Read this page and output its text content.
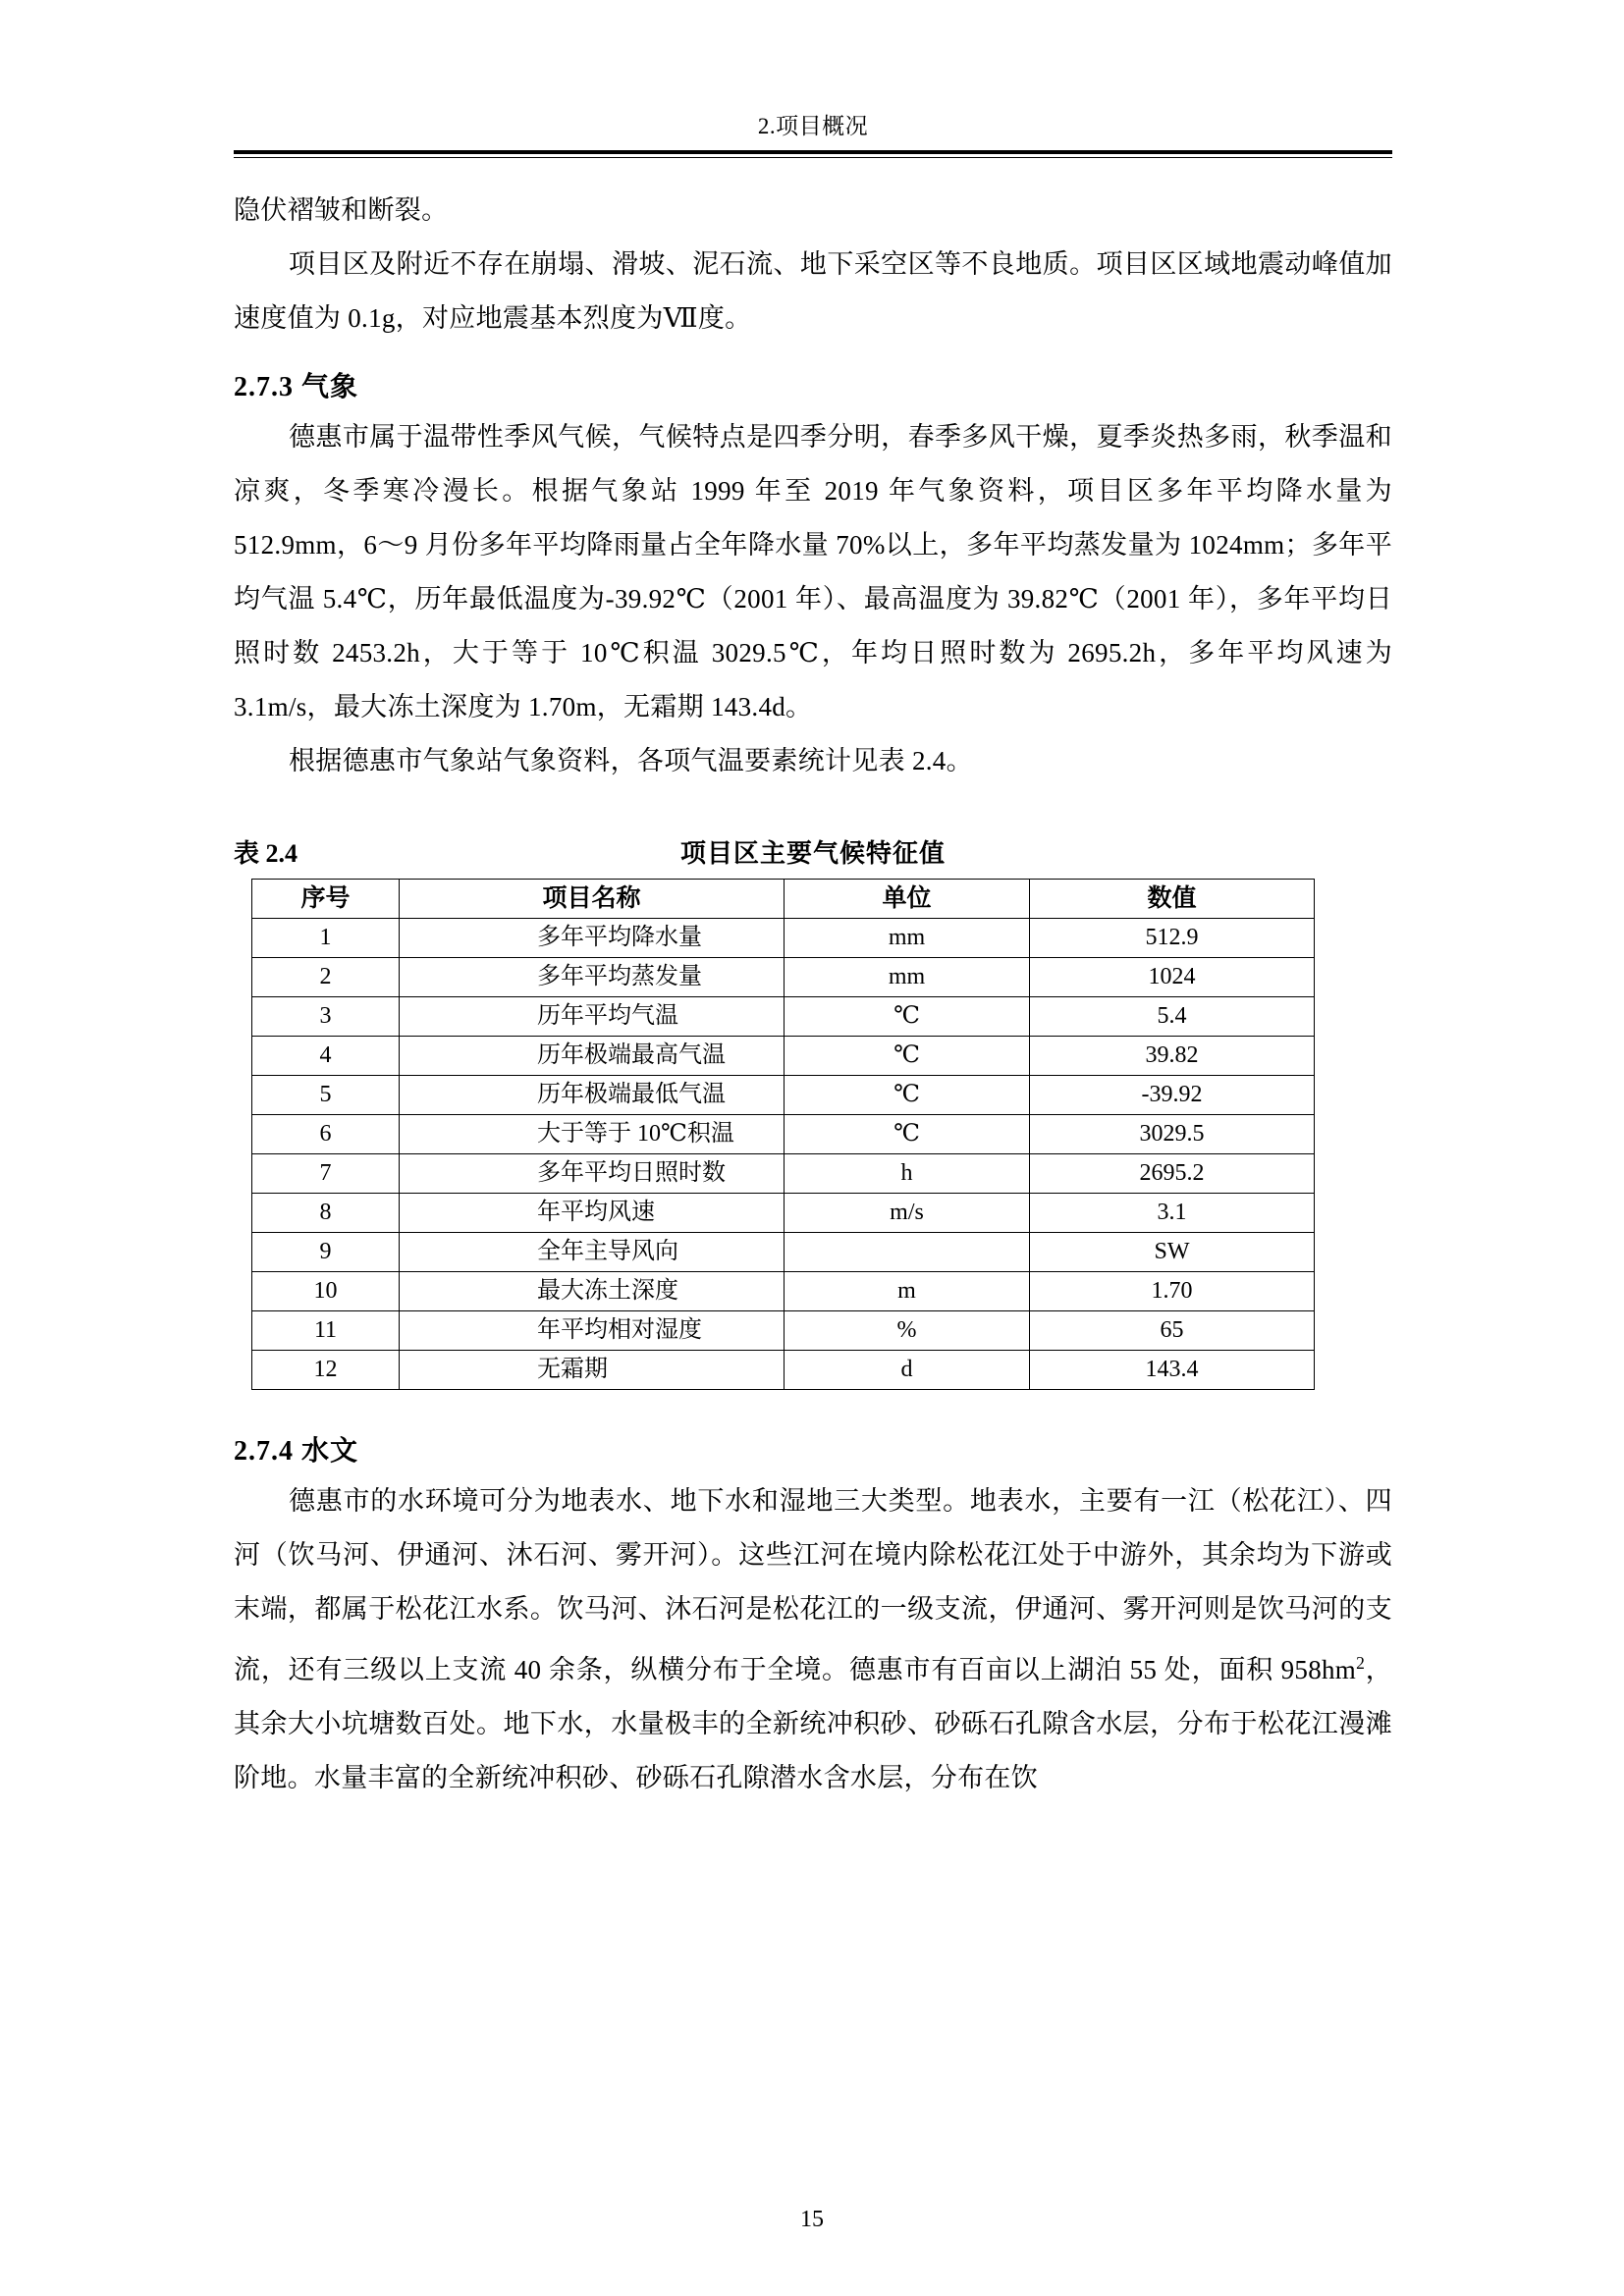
2.项目概况

隐伏褶皱和断裂。

项目区及附近不存在崩塌、滑坡、泥石流、地下采空区等不良地质。项目区区域地震动峰值加速度值为 0.1g，对应地震基本烈度为Ⅶ度。

2.7.3 气象

德惠市属于温带性季风气候，气候特点是四季分明，春季多风干燥，夏季炎热多雨，秋季温和凉爽，冬季寒冷漫长。根据气象站 1999 年至 2019 年气象资料，项目区多年平均降水量为 512.9mm，6～9 月份多年平均降雨量占全年降水量 70%以上，多年平均蒸发量为 1024mm；多年平均气温 5.4℃，历年最低温度为-39.92℃（2001 年）、最高温度为 39.82℃（2001 年），多年平均日照时数 2453.2h，大于等于 10℃积温 3029.5℃，年均日照时数为 2695.2h，多年平均风速为 3.1m/s，最大冻土深度为 1.70m，无霜期 143.4d。

根据德惠市气象站气象资料，各项气温要素统计见表 2.4。

表 2.4	项目区主要气候特征值
序号	项目名称	单位	数值
1	多年平均降水量	mm	512.9
2	多年平均蒸发量	mm	1024
3	历年平均气温	℃	5.4
4	历年极端最高气温	℃	39.82
5	历年极端最低气温	℃	-39.92
6	大于等于 10℃积温	℃	3029.5
7	多年平均日照时数	h	2695.2
8	年平均风速	m/s	3.1
9	全年主导风向		SW
10	最大冻土深度	m	1.70
11	年平均相对湿度	%	65
12	无霜期	d	143.4
2.7.4 水文

德惠市的水环境可分为地表水、地下水和湿地三大类型。地表水，主要有一江（松花江）、四河（饮马河、伊通河、沐石河、雾开河）。这些江河在境内除松花江处于中游外，其余均为下游或末端，都属于松花江水系。饮马河、沐石河是松花江的一级支流，伊通河、雾开河则是饮马河的支流，还有三级以上支流 40 余条，纵横分布于全境。德惠市有百亩以上湖泊 55 处，面积 $958hm^2$，其余大小坑塘数百处。地下水，水量极丰的全新统冲积砂、砂砾石孔隙含水层，分布于松花江漫滩阶地。水量丰富的全新统冲积砂、砂砾石孔隙潜水含水层，分布在饮

15
